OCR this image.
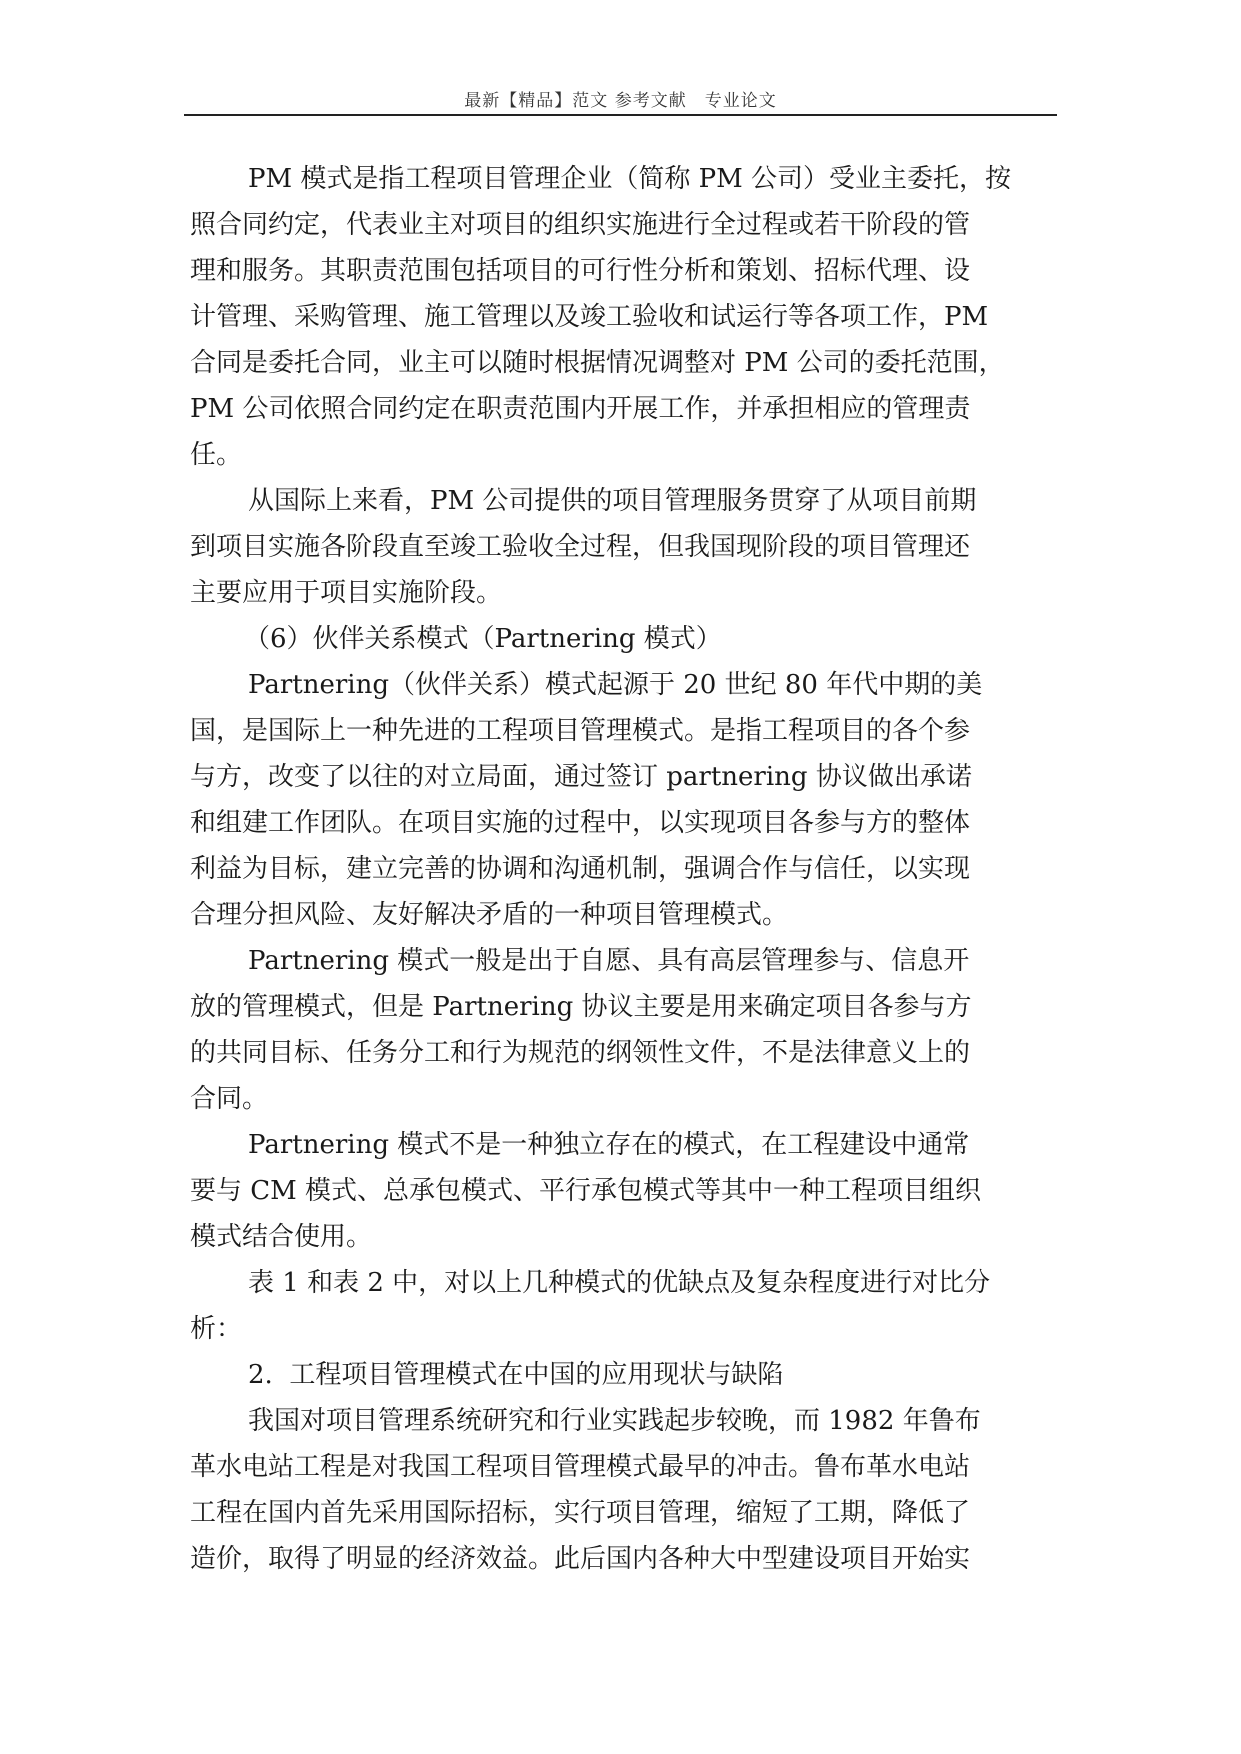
最新【精品】范文 参考文献　专业论文
PM 模式是指工程项目管理企业（简称 PM 公司）受业主委托，按
照合同约定，代表业主对项目的组织实施进行全过程或若干阶段的管
理和服务。其职责范围包括项目的可行性分析和策划、招标代理、设
计管理、采购管理、施工管理以及竣工验收和试运行等各项工作，PM
合同是委托合同，业主可以随时根据情况调整对 PM 公司的委托范围，
PM 公司依照合同约定在职责范围内开展工作，并承担相应的管理责
任。
从国际上来看，PM 公司提供的项目管理服务贯穿了从项目前期
到项目实施各阶段直至竣工验收全过程，但我国现阶段的项目管理还
主要应用于项目实施阶段。
（6）伙伴关系模式（Partnering 模式）
Partnering（伙伴关系）模式起源于 20 世纪 80 年代中期的美
国，是国际上一种先进的工程项目管理模式。是指工程项目的各个参
与方，改变了以往的对立局面，通过签订 partnering 协议做出承诺
和组建工作团队。在项目实施的过程中，以实现项目各参与方的整体
利益为目标，建立完善的协调和沟通机制，强调合作与信任，以实现
合理分担风险、友好解决矛盾的一种项目管理模式。
Partnering 模式一般是出于自愿、具有高层管理参与、信息开
放的管理模式，但是 Partnering 协议主要是用来确定项目各参与方
的共同目标、任务分工和行为规范的纲领性文件，不是法律意义上的
合同。
Partnering 模式不是一种独立存在的模式，在工程建设中通常
要与 CM 模式、总承包模式、平行承包模式等其中一种工程项目组织
模式结合使用。
表 1 和表 2 中，对以上几种模式的优缺点及复杂程度进行对比分
析：
2.  工程项目管理模式在中国的应用现状与缺陷
我国对项目管理系统研究和行业实践起步较晚，而 1982 年鲁布
革水电站工程是对我国工程项目管理模式最早的冲击。鲁布革水电站
工程在国内首先采用国际招标，实行项目管理，缩短了工期，降低了
造价，取得了明显的经济效益。此后国内各种大中型建设项目开始实
